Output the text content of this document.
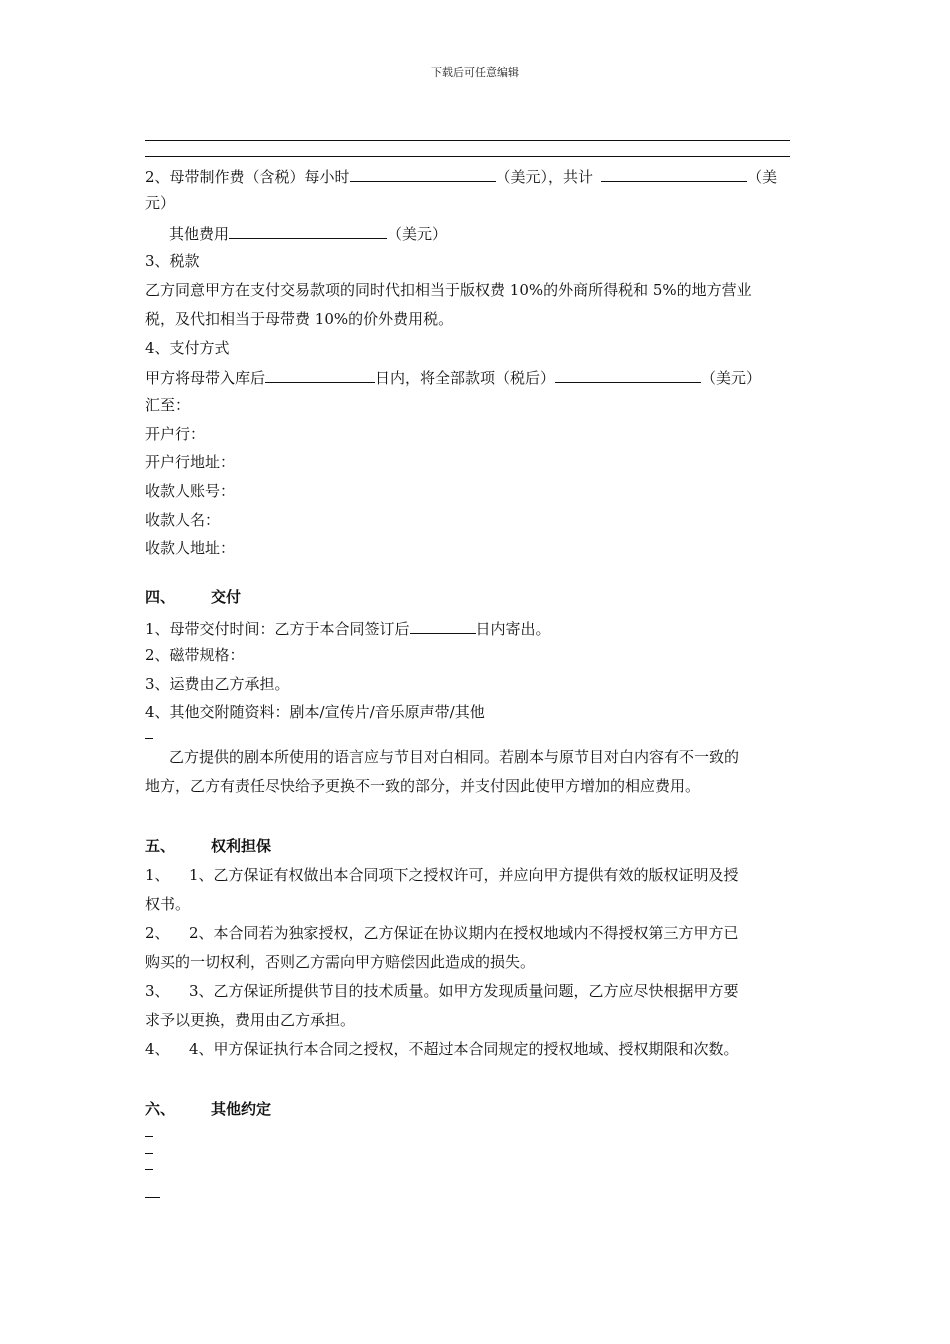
下载后可任意编辑
2、母带制作费（含税）每小时	（美元），共计	（美
元）
其他费用	（美元）
3、税款
乙方同意甲方在支付交易款项的同时代扣相当于版权费 10%的外商所得税和 5%的地方营业
税，及代扣相当于母带费 10%的价外费用税。
4、支付方式
甲方将母带入库后	日内，将全部款项（税后）	（美元）
汇至：
开户行：
开户行地址：
收款人账号：
收款人名：
收款人地址：
四、 交付
1、母带交付时间：乙方于本合同签订后	日内寄出。
2、磁带规格：
3、运费由乙方承担。
4、其他交附随资料：剧本/宣传片/音乐原声带/其他
乙方提供的剧本所使用的语言应与节目对白相同。若剧本与原节目对白内容有不一致的
地方，乙方有责任尽快给予更换不一致的部分，并支付因此使甲方增加的相应费用。
五、 权利担保
1、 1、乙方保证有权做出本合同项下之授权许可，并应向甲方提供有效的版权证明及授
权书。
2、 2、本合同若为独家授权，乙方保证在协议期内在授权地域内不得授权第三方甲方已
购买的一切权利，否则乙方需向甲方赔偿因此造成的损失。
3、 3、乙方保证所提供节目的技术质量。如甲方发现质量问题，乙方应尽快根据甲方要
求予以更换，费用由乙方承担。
4、 4、甲方保证执行本合同之授权，不超过本合同规定的授权地域、授权期限和次数。
六、 其他约定
